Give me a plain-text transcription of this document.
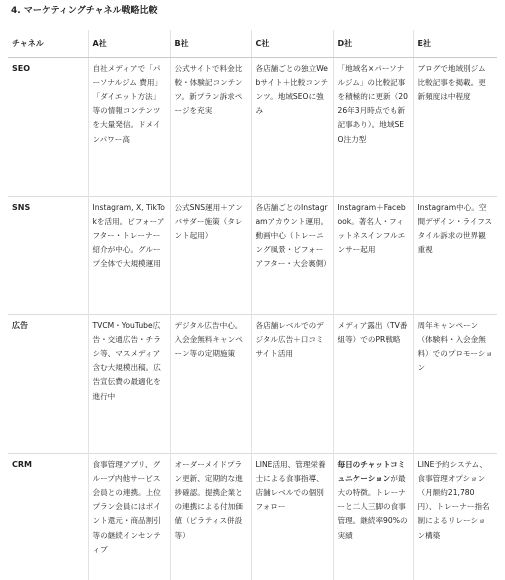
4. マーケティングチャネル戦略比較
チャネル	A社	B社	C社	D社	E社
SEO	自社メディアで「パーソナルジム 費用」「ダイエット方法」等の情報コンテンツを大量発信。ドメインパワー高	公式サイトで料金比較・体験記コンテンツ。新プラン訴求ページを充実	各店舗ごとの独立Webサイト＋比較コンテンツ。地域SEOに強み	「地域名×パーソナルジム」の比較記事を積極的に更新（2026年3月時点でも新記事あり）。地域SEO注力型	ブログで地域別ジム比較記事を掲載。更新頻度は中程度
SNS	Instagram, X, TikTokを活用。ビフォーアフター・トレーナー紹介が中心。グループ全体で大規模運用	公式SNS運用＋アンバサダー施策（タレント起用）	各店舗ごとのInstagramアカウント運用。動画中心（トレーニング風景・ビフォーアフター・大会裏側）	Instagram＋Facebook。著名人・フィットネスインフルエンサー起用	Instagram中心。空間デザイン・ライフスタイル訴求の世界観重視
広告	TVCM・YouTube広告・交通広告・チラシ等、マスメディア含む大規模出稿。広告宣伝費の最適化を進行中	デジタル広告中心。入会金無料キャンペーン等の定期施策	各店舗レベルでのデジタル広告＋口コミサイト活用	メディア露出（TV番組等）でのPR戦略	周年キャンペーン（体験料・入会金無料）でのプロモーション
CRM	食事管理アプリ、グループ内他サービス会員との連携。上位プラン会員にはポイント還元・商品割引等の継続インセンティブ	オーダーメイドプラン更新、定期的な進捗確認。提携企業との連携による付加価値（ピラティス併設等）	LINE活用、管理栄養士による食事指導、店舗レベルでの個別フォロー	毎日のチャットコミュニケーションが最大の特徴。トレーナーと二人三脚の食事管理。継続率90%の実績	LINE予約システム、食事管理オプション（月額約21,780円）、トレーナー指名制によるリレーション構築
